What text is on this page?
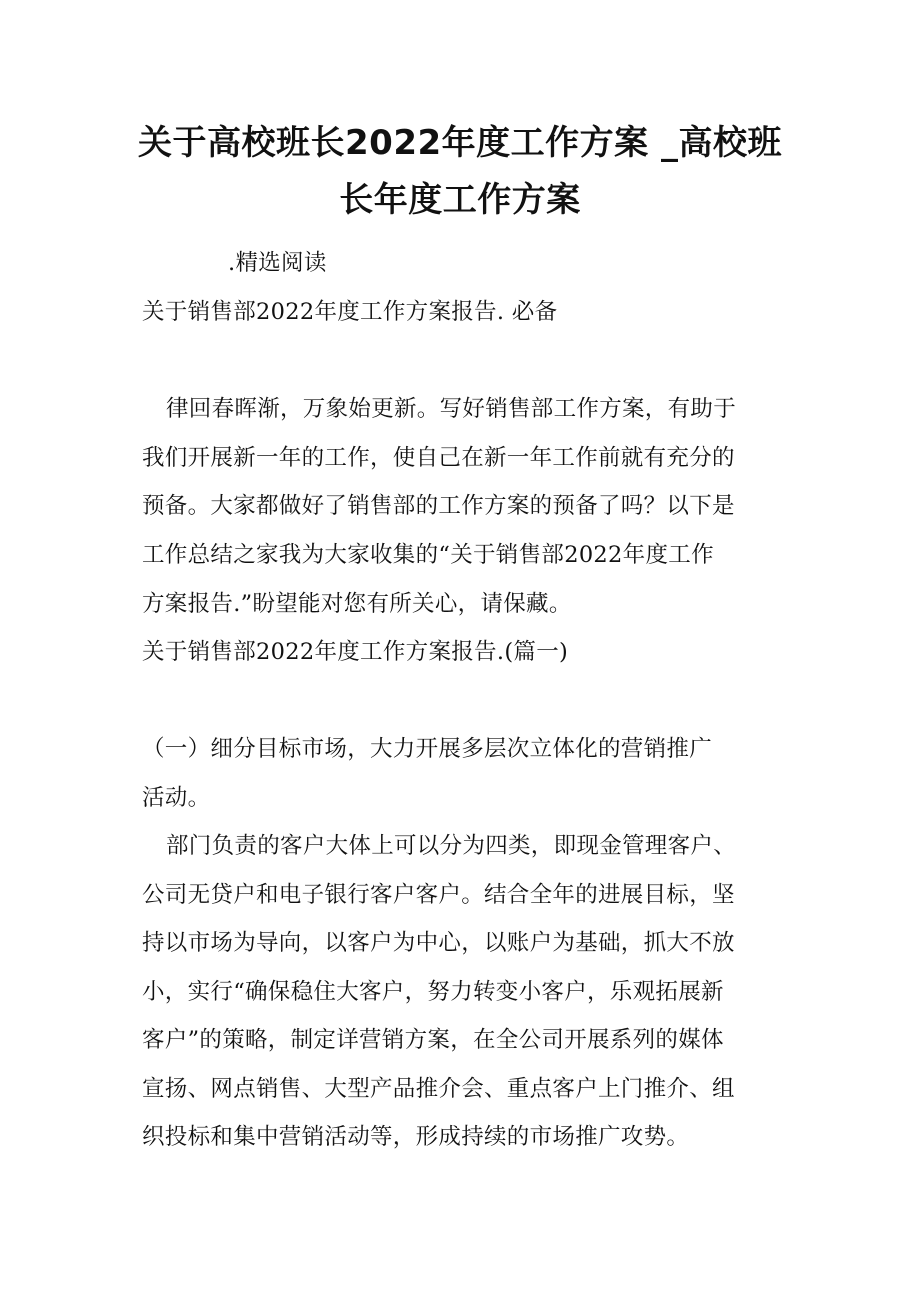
关于高校班长2022年度工作方案 _高校班
长年度工作方案
.精选阅读
关于销售部2022年度工作方案报告. 必备
律回春晖渐，万象始更新。写好销售部工作方案，有助于
我们开展新一年的工作，使自己在新一年工作前就有充分的
预备。大家都做好了销售部的工作方案的预备了吗？以下是
工作总结之家我为大家收集的“关于销售部2022年度工作
方案报告.”盼望能对您有所关心，请保藏。
关于销售部2022年度工作方案报告.(篇一)
（一）细分目标市场，大力开展多层次立体化的营销推广
活动。
部门负责的客户大体上可以分为四类，即现金管理客户、
公司无贷户和电子银行客户客户。结合全年的进展目标，坚
持以市场为导向，以客户为中心，以账户为基础，抓大不放
小，实行“确保稳住大客户，努力转变小客户，乐观拓展新
客户”的策略，制定详营销方案，在全公司开展系列的媒体
宣扬、网点销售、大型产品推介会、重点客户上门推介、组
织投标和集中营销活动等，形成持续的市场推广攻势。
